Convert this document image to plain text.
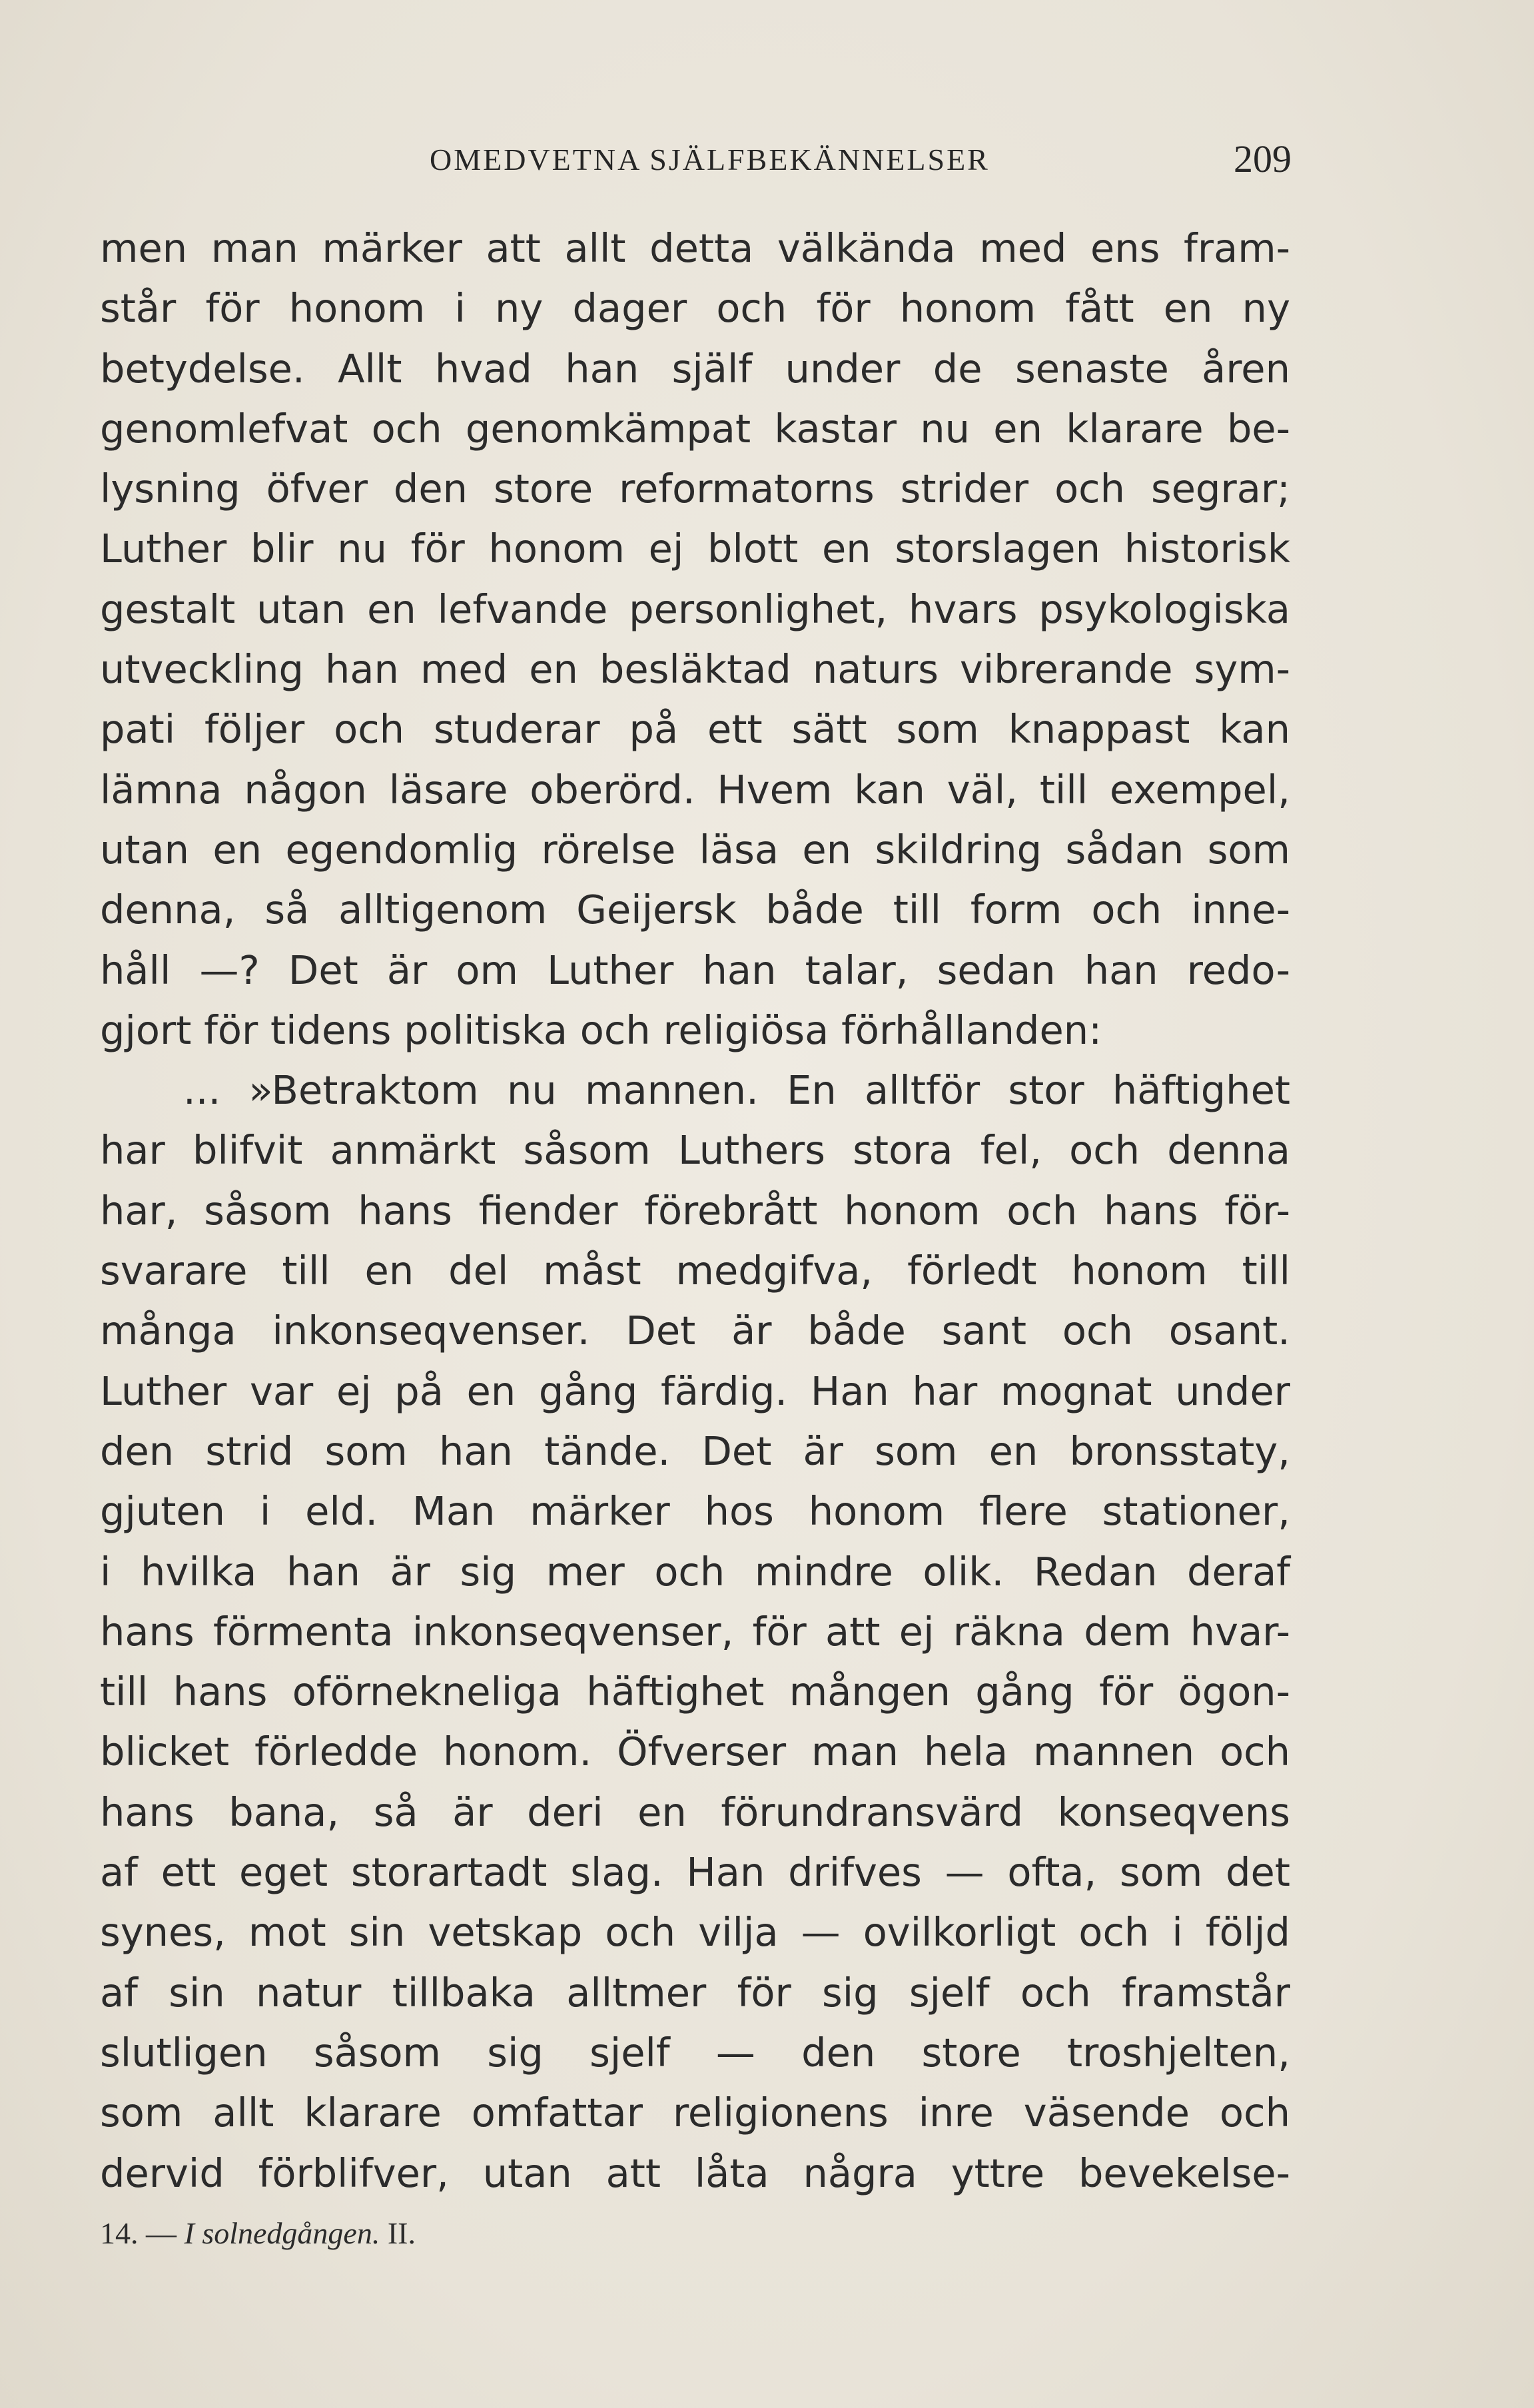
OMEDVETNA SJÄLFBEKÄNNELSER	209
men man märker att allt detta välkända med ens fram-
står för honom i ny dager och för honom fått en ny
betydelse. Allt hvad han själf under de senaste åren
genomlefvat och genomkämpat kastar nu en klarare be-
lysning öfver den store reformatorns strider och segrar;
Luther blir nu för honom ej blott en storslagen historisk
gestalt utan en lefvande personlighet, hvars psykologiska
utveckling han med en besläktad naturs vibrerande sym-
pati följer och studerar på ett sätt som knappast kan
lämna någon läsare oberörd. Hvem kan väl, till exempel,
utan en egendomlig rörelse läsa en skildring sådan som
denna, så alltigenom Geijersk både till form och inne-
håll —? Det är om Luther han talar, sedan han redo-
gjort för tidens politiska och religiösa förhållanden:
... »Betraktom nu mannen. En alltför stor häftighet
har blifvit anmärkt såsom Luthers stora fel, och denna
har, såsom hans fiender förebrått honom och hans för-
svarare till en del måst medgifva, förledt honom till
många inkonseqvenser. Det är både sant och osant.
Luther var ej på en gång färdig. Han har mognat under
den strid som han tände. Det är som en bronsstaty,
gjuten i eld. Man märker hos honom flere stationer,
i hvilka han är sig mer och mindre olik. Redan deraf
hans förmenta inkonseqvenser, för att ej räkna dem hvar-
till hans oförnekneliga häftighet mången gång för ögon-
blicket förledde honom. Öfverser man hela mannen och
hans bana, så är deri en förundransvärd konseqvens
af ett eget storartadt slag. Han drifves — ofta, som det
synes, mot sin vetskap och vilja — ovilkorligt och i följd
af sin natur tillbaka alltmer för sig sjelf och framstår
slutligen såsom sig sjelf — den store troshjelten,
som allt klarare omfattar religionens inre väsende och
dervid förblifver, utan att låta några yttre bevekelse-
14. — I solnedgången. II.
